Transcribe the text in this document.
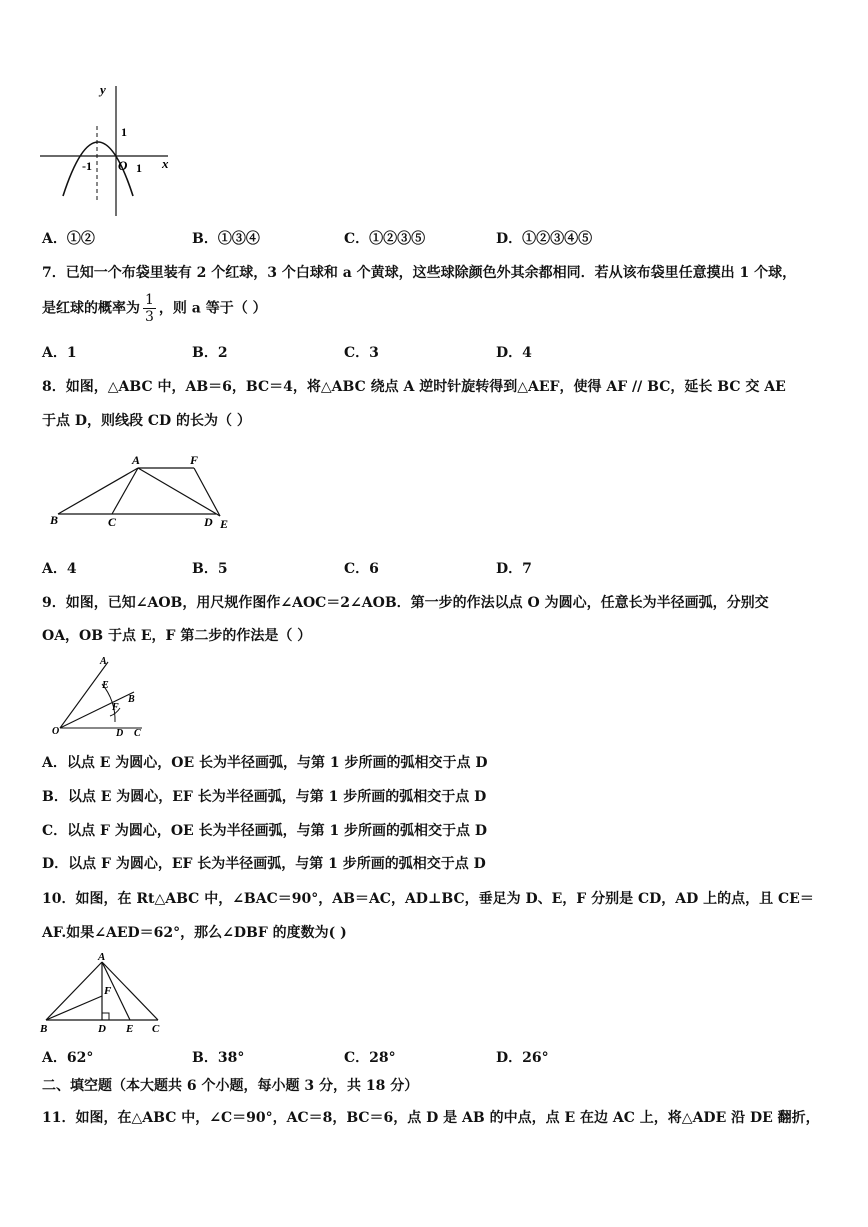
y
x
O
-1	1
1
A．①②	B．①③④	C．①②③⑤	D．①②③④⑤
7．已知一个布袋里装有 2 个红球，3 个白球和 a 个黄球，这些球除颜色外其余都相同．若从该布袋里任意摸出 1 个球，
是红球的概率为 $\frac{1}{3}$ ，则 a 等于（ ）
A．1	B．2	C．3	D．4
8．如图，△ABC 中，AB＝6，BC＝4，将△ABC 绕点 A 逆时针旋转得到△AEF，使得 AF // BC，延长 BC 交 AE
于点 D，则线段 CD 的长为（ ）
A	F
B	C	D E
A．4	B．5	C．6	D．7
9．如图，已知∠AOB，用尺规作图作∠AOC＝2∠AOB．第一步的作法以点 O 为圆心，任意长为半径画弧，分别交
OA，OB 于点 E，F 第二步的作法是（ ）
A
E
B
F
O	D C
A．以点 E 为圆心，OE 长为半径画弧，与第 1 步所画的弧相交于点 D
B．以点 E 为圆心，EF 长为半径画弧，与第 1 步所画的弧相交于点 D
C．以点 F 为圆心，OE 长为半径画弧，与第 1 步所画的弧相交于点 D
D．以点 F 为圆心，EF 长为半径画弧，与第 1 步所画的弧相交于点 D
10．如图，在 Rt△ABC 中，∠BAC＝90°，AB＝AC，AD⊥BC，垂足为 D、E，F 分别是 CD，AD 上的点，且 CE＝
AF.如果∠AED＝62°，那么∠DBF 的度数为( )
A
F
B	D E C
A．62°	B．38°	C．28°	D．26°
二、填空题（本大题共 6 个小题，每小题 3 分，共 18 分）
11．如图，在△ABC 中，∠C＝90°，AC＝8，BC＝6，点 D 是 AB 的中点，点 E 在边 AC 上，将△ADE 沿 DE 翻折，
